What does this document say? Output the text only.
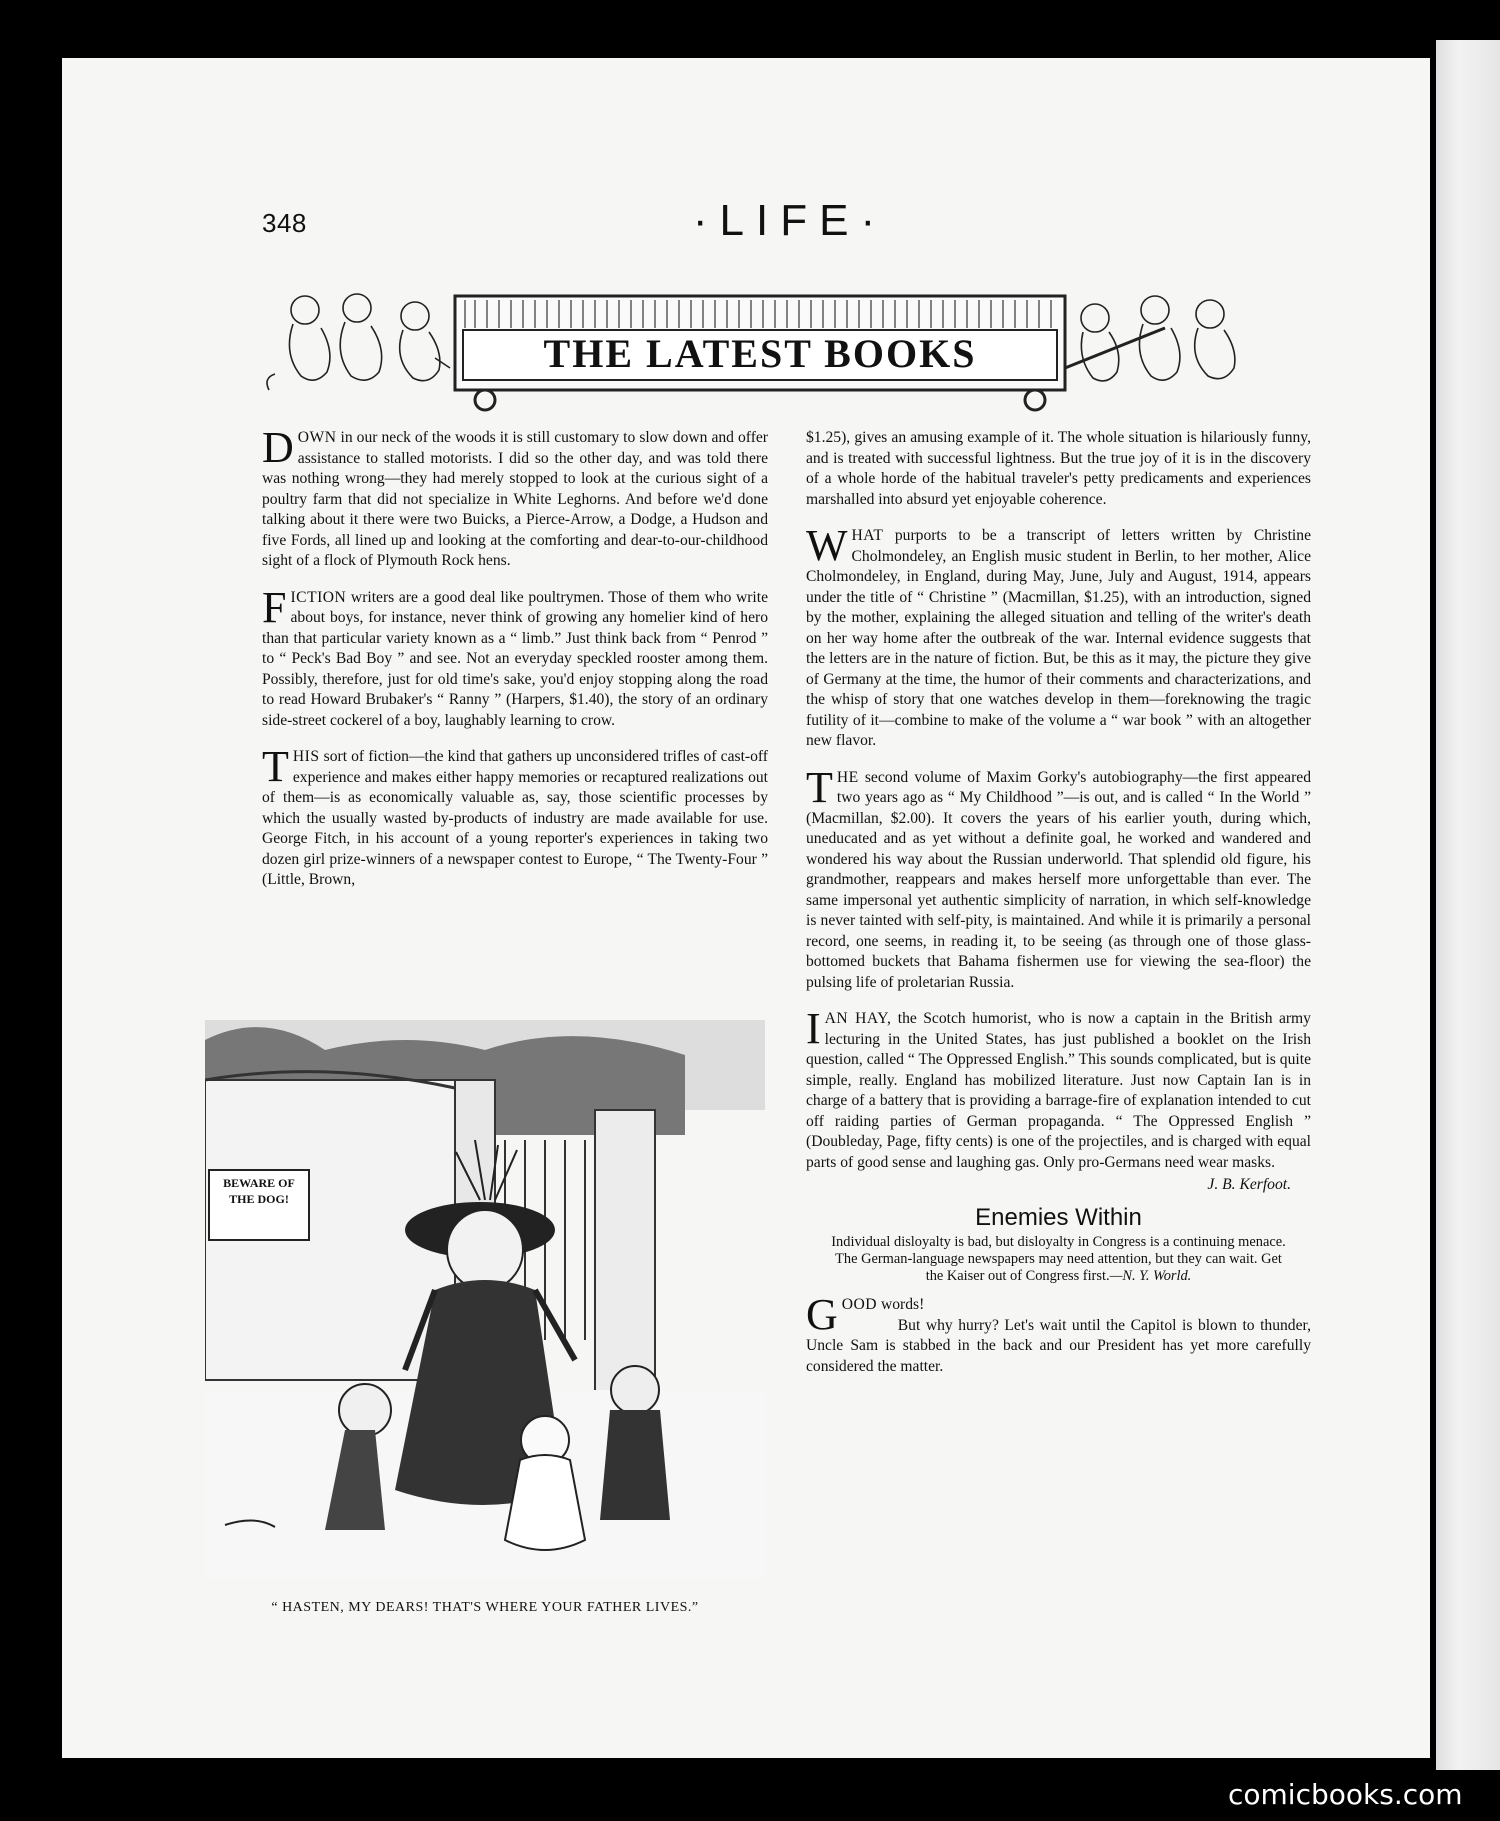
348	·LIFE·
THE LATEST BOOKS

DOWN in our neck of the woods it is still customary to slow down and offer assistance to stalled motorists. I did so the other day, and was told there was nothing wrong—they had merely stopped to look at the curious sight of a poultry farm that did not specialize in White Leghorns. And before we'd done talking about it there were two Buicks, a Pierce-Arrow, a Dodge, a Hudson and five Fords, all lined up and looking at the comforting and dear-to-our-childhood sight of a flock of Plymouth Rock hens.

FICTION writers are a good deal like poultrymen. Those of them who write about boys, for instance, never think of growing any homelier kind of hero than that particular variety known as a “ limb.” Just think back from “ Penrod ” to “ Peck's Bad Boy ” and see. Not an everyday speckled rooster among them. Possibly, therefore, just for old time's sake, you'd enjoy stopping along the road to read Howard Brubaker's “ Ranny ” (Harpers, $1.40), the story of an ordinary side-street cockerel of a boy, laughably learning to crow.

THIS sort of fiction—the kind that gathers up unconsidered trifles of cast-off experience and makes either happy memories or recaptured realizations out of them—is as economically valuable as, say, those scientific processes by which the usually wasted by-products of industry are made available for use. George Fitch, in his account of a young reporter's experiences in taking two dozen girl prize-winners of a newspaper contest to Europe, “ The Twenty-Four ” (Little, Brown,

BEWARE OF THE DOG!
“ HASTEN, MY DEARS! THAT'S WHERE YOUR FATHER LIVES.”

$1.25), gives an amusing example of it. The whole situation is hilariously funny, and is treated with successful lightness. But the true joy of it is in the discovery of a whole horde of the habitual traveler's petty predicaments and experiences marshalled into absurd yet enjoyable coherence.

WHAT purports to be a transcript of letters written by Christine Cholmondeley, an English music student in Berlin, to her mother, Alice Cholmondeley, in England, during May, June, July and August, 1914, appears under the title of “ Christine ” (Macmillan, $1.25), with an introduction, signed by the mother, explaining the alleged situation and telling of the writer's death on her way home after the outbreak of the war. Internal evidence suggests that the letters are in the nature of fiction. But, be this as it may, the picture they give of Germany at the time, the humor of their comments and characterizations, and the whisp of story that one watches develop in them—foreknowing the tragic futility of it—combine to make of the volume a “ war book ” with an altogether new flavor.

THE second volume of Maxim Gorky's autobiography—the first appeared two years ago as “ My Childhood ”—is out, and is called “ In the World ” (Macmillan, $2.00). It covers the years of his earlier youth, during which, uneducated and as yet without a definite goal, he worked and wandered and wondered his way about the Russian underworld. That splendid old figure, his grandmother, reappears and makes herself more unforgettable than ever. The same impersonal yet authentic simplicity of narration, in which self-knowledge is never tainted with self-pity, is maintained. And while it is primarily a personal record, one seems, in reading it, to be seeing (as through one of those glass-bottomed buckets that Bahama fishermen use for viewing the sea-floor) the pulsing life of proletarian Russia.

IAN HAY, the Scotch humorist, who is now a captain in the British army lecturing in the United States, has just published a booklet on the Irish question, called “ The Oppressed English.” This sounds complicated, but is quite simple, really. England has mobilized literature. Just now Captain Ian is in charge of a battery that is providing a barrage-fire of explanation intended to cut off raiding parties of German propaganda. “ The Oppressed English ” (Doubleday, Page, fifty cents) is one of the projectiles, and is charged with equal parts of good sense and laughing gas. Only pro-Germans need wear masks.

J. B. Kerfoot.
Enemies Within
Individual disloyalty is bad, but disloyalty in Congress is a continuing menace. The German-language newspapers may need attention, but they can wait. Get the Kaiser out of Congress first.—N. Y. World.

GOOD words!

But why hurry? Let's wait until the Capitol is blown to thunder, Uncle Sam is stabbed in the back and our President has yet more carefully considered the matter.

comicbooks.com
